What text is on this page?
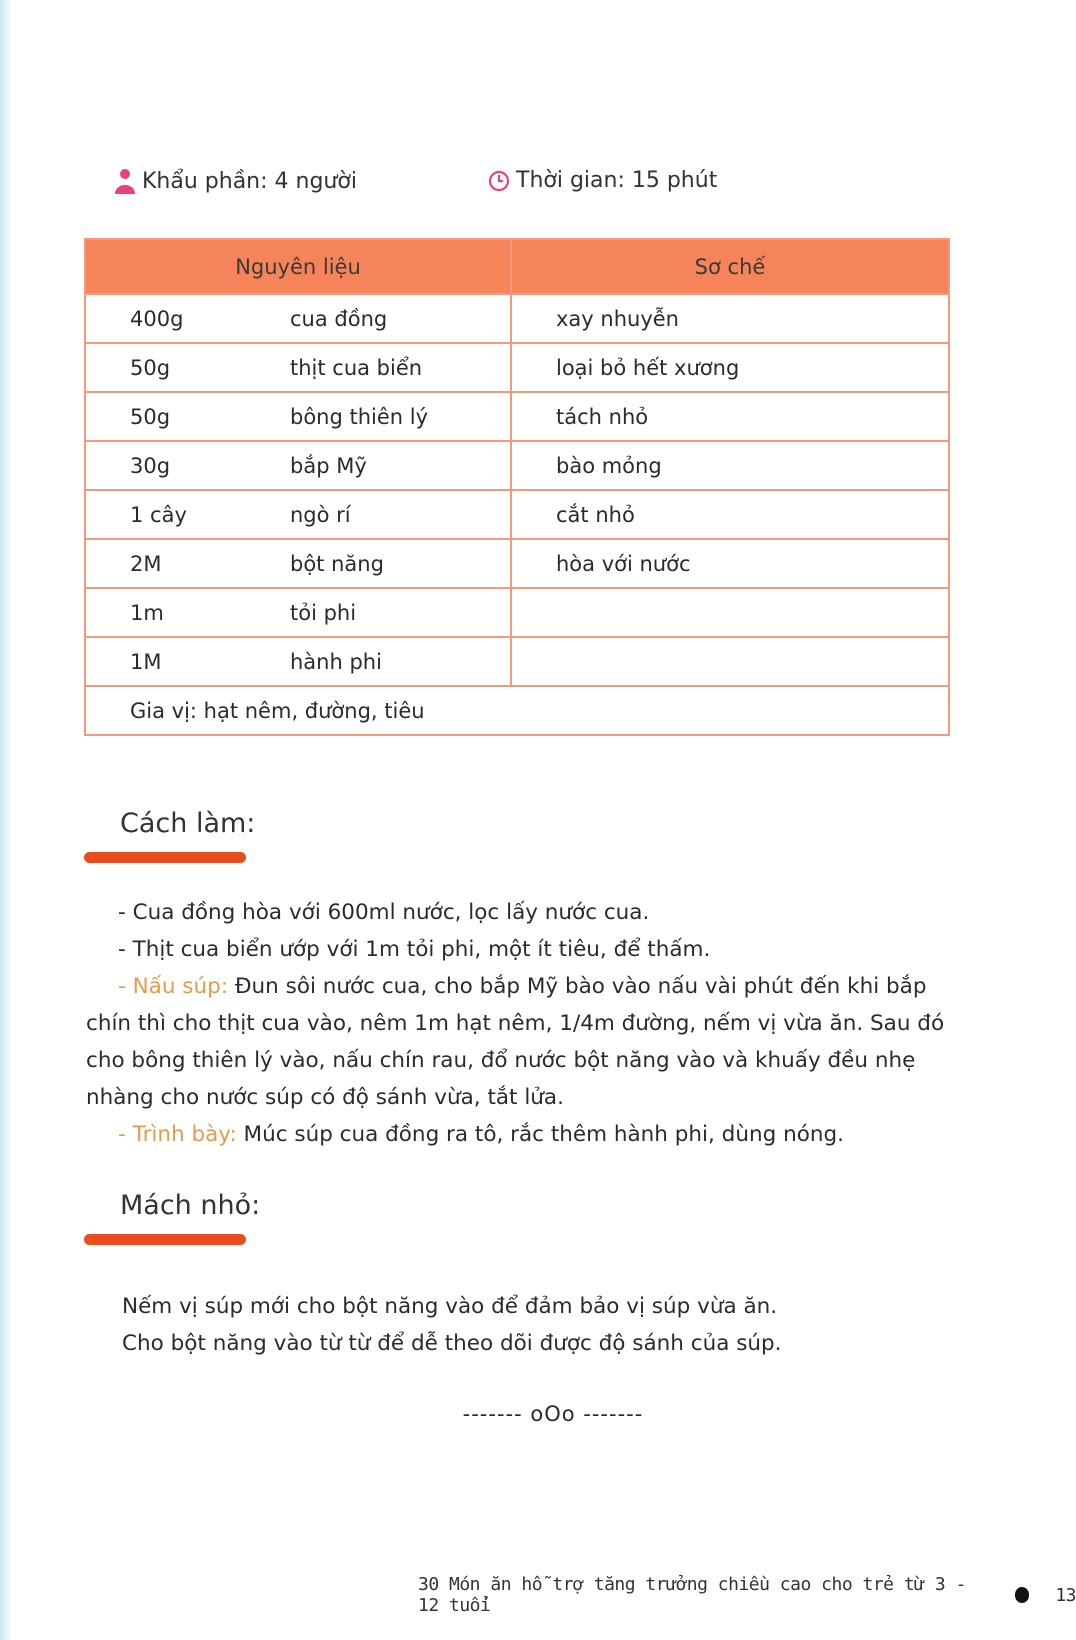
Khẩu phần: 4 người	Thời gian: 15 phút
Nguyên liệu		Sơ chế
400g	cua đồng	xay nhuyễn
50g	thịt cua biển	loại bỏ hết xương
50g	bông thiên lý	tách nhỏ
30g	bắp Mỹ	bào mỏng
1 cây	ngò rí	cắt nhỏ
2M	bột năng	hòa với nước
1m	tỏi phi	
1M	hành phi	
Gia vị: hạt nêm, đường, tiêu		
Cách làm:

- Cua đồng hòa với 600ml nước, lọc lấy nước cua.

- Thịt cua biển ướp với 1m tỏi phi, một ít tiêu, để thấm.

- Nấu súp: Đun sôi nước cua, cho bắp Mỹ bào vào nấu vài phút đến khi bắp chín thì cho thịt cua vào, nêm 1m hạt nêm, 1/4m đường, nếm vị vừa ăn. Sau đó cho bông thiên lý vào, nấu chín rau, đổ nước bột năng vào và khuấy đều nhẹ nhàng cho nước súp có độ sánh vừa, tắt lửa.

- Trình bày: Múc súp cua đồng ra tô, rắc thêm hành phi, dùng nóng.

Mách nhỏ:

Nếm vị súp mới cho bột năng vào để đảm bảo vị súp vừa ăn.

Cho bột năng vào từ từ để dễ theo dõi được độ sánh của súp.

------- oOo -------
30 Món ăn hỗ trợ tăng trưởng chiều cao cho trẻ từ 3 - 12 tuổi	13
